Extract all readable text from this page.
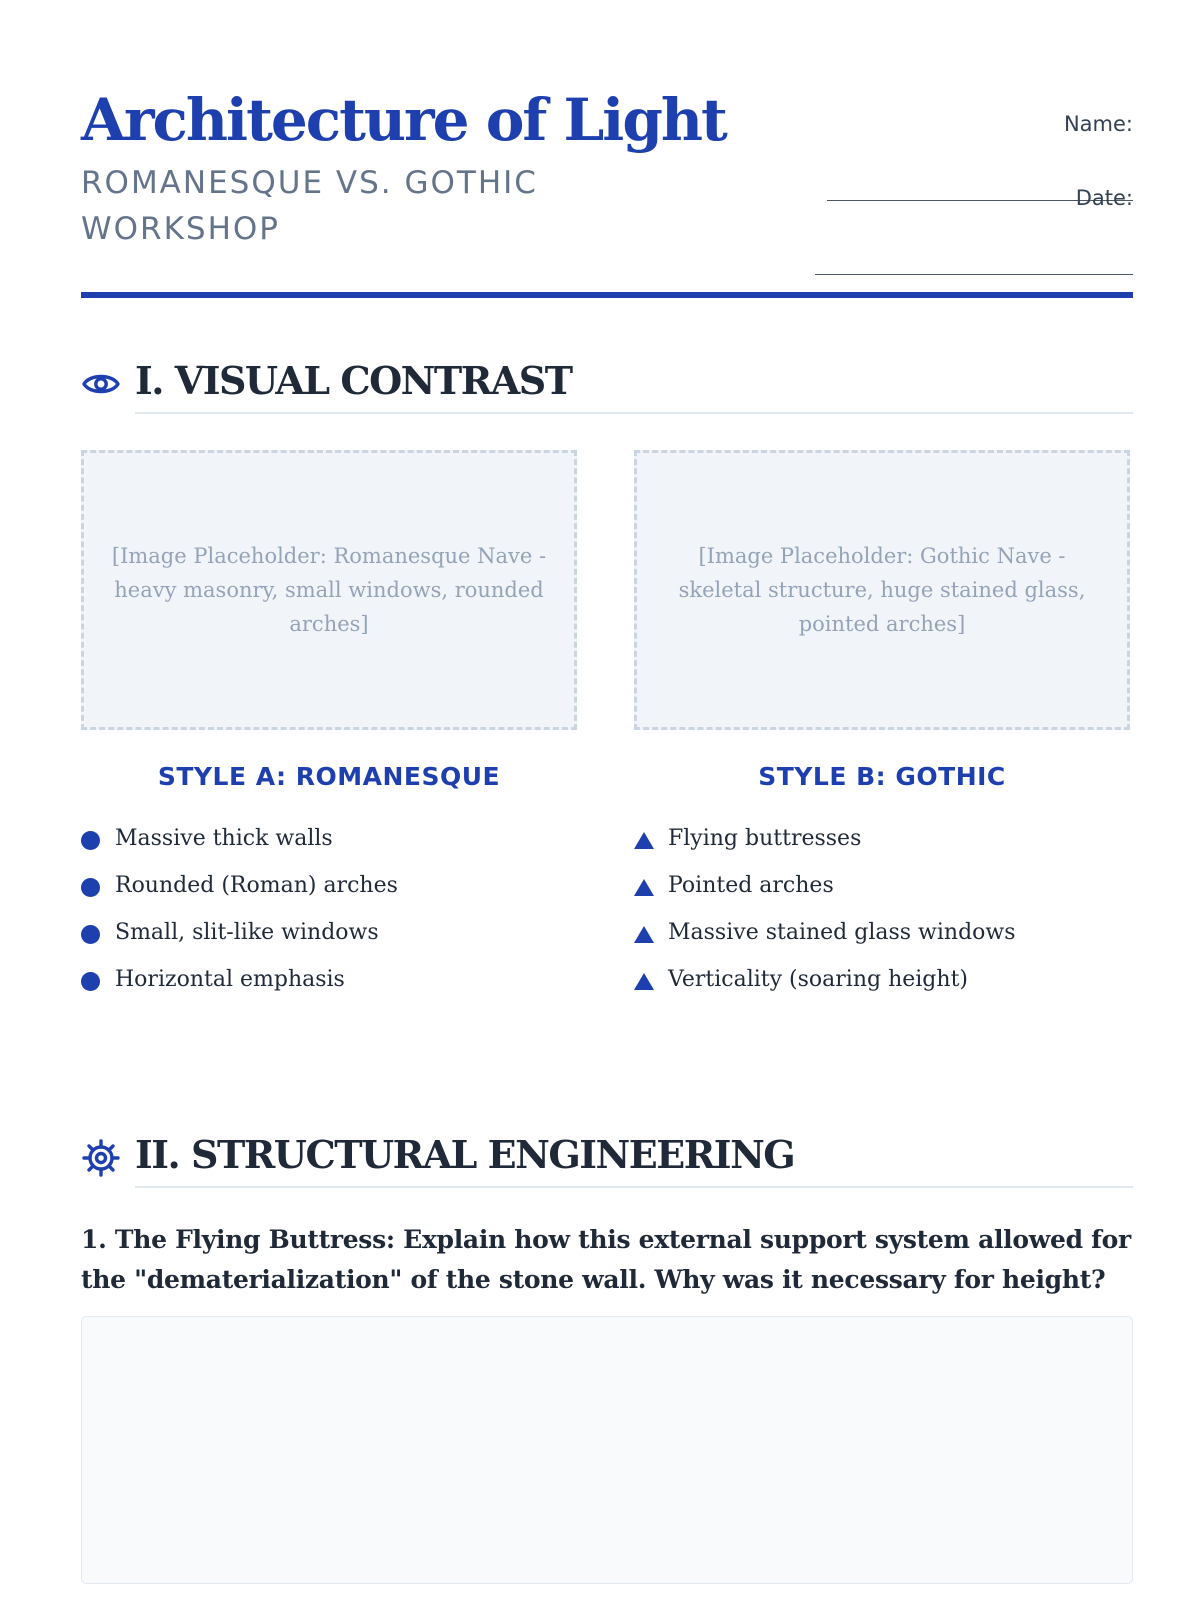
Architecture of Light
ROMANESQUE VS. GOTHIC WORKSHOP
Name:
Date:
I. VISUAL CONTRAST
[Image Placeholder: Romanesque Nave - heavy masonry, small windows, rounded arches]
[Image Placeholder: Gothic Nave - skeletal structure, huge stained glass, pointed arches]
STYLE A: ROMANESQUE	STYLE B: GOTHIC
Massive thick walls
Rounded (Roman) arches
Small, slit-like windows
Horizontal emphasis
Flying buttresses
Pointed arches
Massive stained glass windows
Verticality (soaring height)
II. STRUCTURAL ENGINEERING

1. The Flying Buttress: Explain how this external support system allowed for the "dematerialization" of the stone wall. Why was it necessary for height?
